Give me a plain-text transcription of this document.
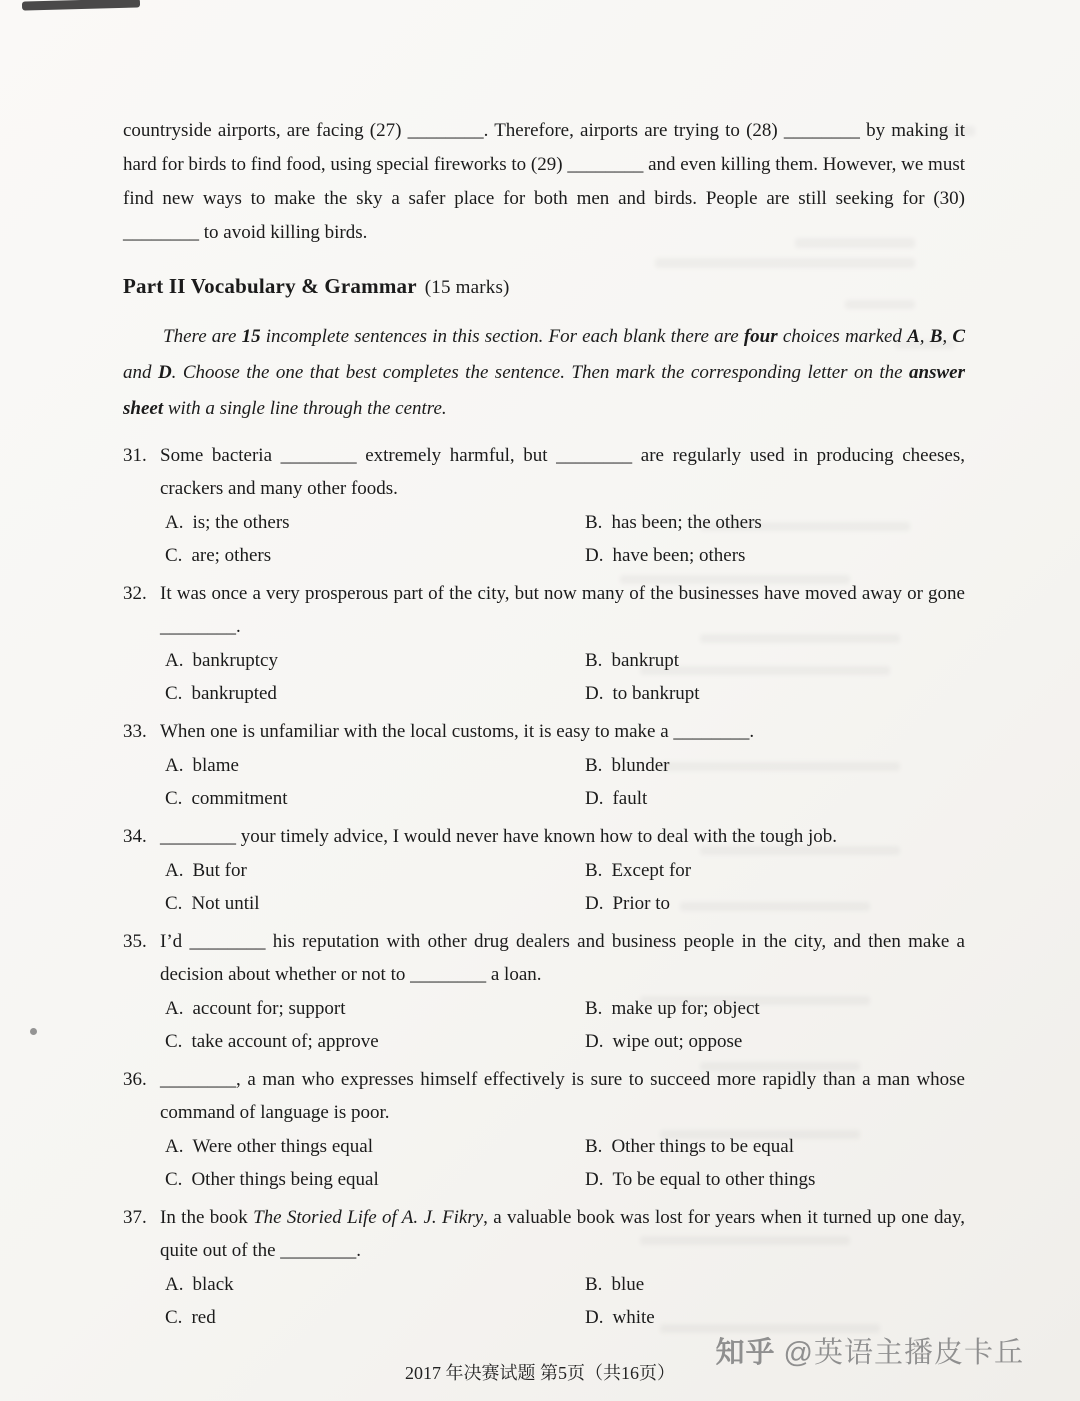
countryside airports, are facing (27) ________. Therefore, airports are trying to (28) ________ by making it hard for birds to find food, using special fireworks to (29) ________ and even killing them. However, we must find new ways to make the sky a safer place for both men and birds. People are still seeking for (30) ________ to avoid killing birds.

Part II Vocabulary & Grammar (15 marks)

There are 15 incomplete sentences in this section. For each blank there are four choices marked A, B, C and D. Choose the one that best completes the sentence. Then mark the corresponding letter on the answer sheet with a single line through the centre.

31. Some bacteria ________ extremely harmful, but ________ are regularly used in producing cheeses, crackers and many other foods.

A. is; the others	B. has been; the others
C. are; others	D. have been; others

32. It was once a very prosperous part of the city, but now many of the businesses have moved away or gone ________.

A. bankruptcy	B. bankrupt
C. bankrupted	D. to bankrupt

33. When one is unfamiliar with the local customs, it is easy to make a ________.

A. blame	B. blunder
C. commitment	D. fault

34. ________ your timely advice, I would never have known how to deal with the tough job.

A. But for	B. Except for
C. Not until	D. Prior to

35. I’d ________ his reputation with other drug dealers and business people in the city, and then make a decision about whether or not to ________ a loan.

A. account for; support	B. make up for; object
C. take account of; approve	D. wipe out; oppose

36. ________, a man who expresses himself effectively is sure to succeed more rapidly than a man whose command of language is poor.

A. Were other things equal	B. Other things to be equal
C. Other things being equal	D. To be equal to other things

37. In the book The Storied Life of A. J. Fikry, a valuable book was lost for years when it turned up one day, quite out of the ________.

A. black	B. blue
C. red	D. white
知乎 @英语主播皮卡丘
2017 年决赛试题 第5页（共16页）
